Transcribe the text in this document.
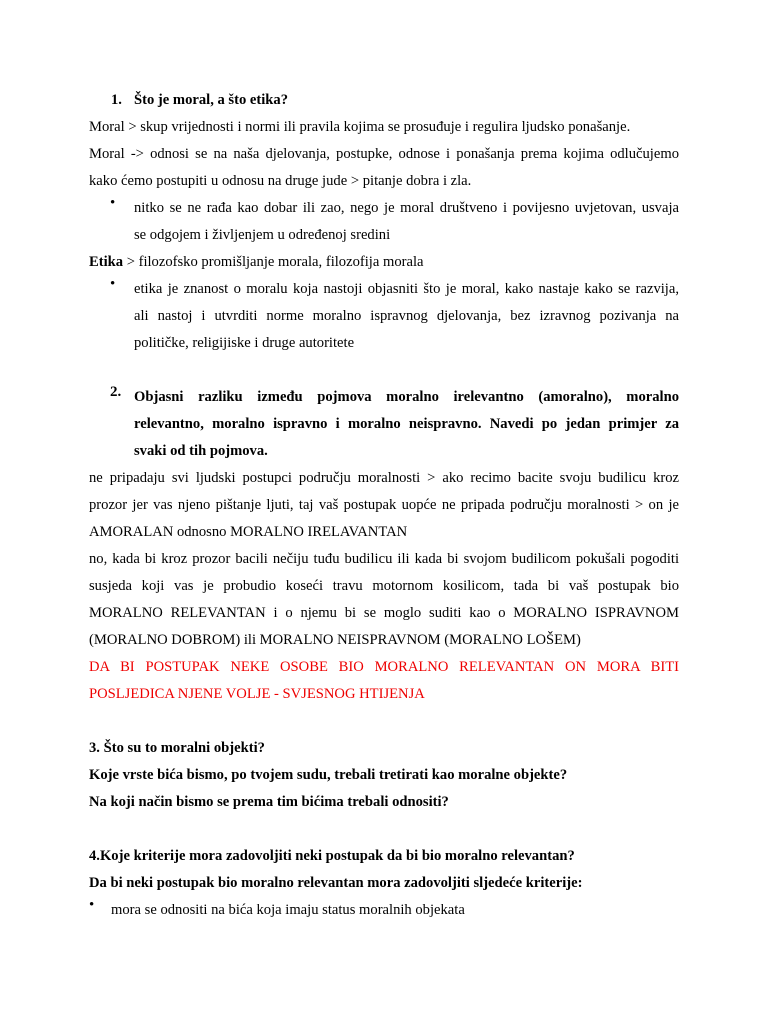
1. Što je moral, a što etika?
Moral > skup vrijednosti i normi ili pravila kojima se prosuđuje i regulira ljudsko ponašanje.
Moral -> odnosi se na naša djelovanja, postupke, odnose i ponašanja prema kojima odlučujemo
kako ćemo postupiti u odnosu na druge jude > pitanje dobra i zla.
•	nitko se ne rađa kao dobar ili zao, nego je moral društveno i povijesno uvjetovan, usvaja
se odgojem i življenjem u određenoj sredini
Etika > filozofsko promišljanje morala, filozofija morala
•	etika je znanost o moralu koja nastoji objasniti što je moral, kako nastaje kako se razvija,
ali nastoj i utvrditi norme moralno ispravnog djelovanja, bez izravnog pozivanja na
političke, religijiske i druge autoritete
2. Objasni razliku između pojmova moralno irelevantno (amoralno), moralno
relevantno, moralno ispravno i moralno neispravno. Navedi po jedan primjer za
svaki od tih pojmova.
ne pripadaju svi ljudski postupci području moralnosti > ako recimo bacite svoju budilicu kroz
prozor jer vas njeno pištanje ljuti, taj vaš postupak uopće ne pripada području moralnosti > on je
AMORALAN odnosno MORALNO IRELAVANTAN
no, kada bi kroz prozor bacili nečiju tuđu budilicu ili kada bi svojom budilicom pokušali pogoditi
susjeda koji vas je probudio koseći travu motornom kosilicom, tada bi vaš postupak bio
MORALNO RELEVANTAN i o njemu bi se moglo suditi kao o MORALNO ISPRAVNOM
(MORALNO DOBROM) ili MORALNO NEISPRAVNOM (MORALNO LOŠEM)
DA BI POSTUPAK NEKE OSOBE BIO MORALNO RELEVANTAN ON MORA BITI
POSLJEDICA NJENE VOLJE - SVJESNOG HTIJENJA
3. Što su to moralni objekti?
Koje vrste bića bismo, po tvojem sudu, trebali tretirati kao moralne objekte?
Na koji način bismo se prema tim bićima trebali odnositi?
4.Koje kriterije mora zadovoljiti neki postupak da bi bio moralno relevantan?
Da bi neki postupak bio moralno relevantan mora zadovoljiti sljedeće kriterije:
•	mora se odnositi na bića koja imaju status moralnih objekata
